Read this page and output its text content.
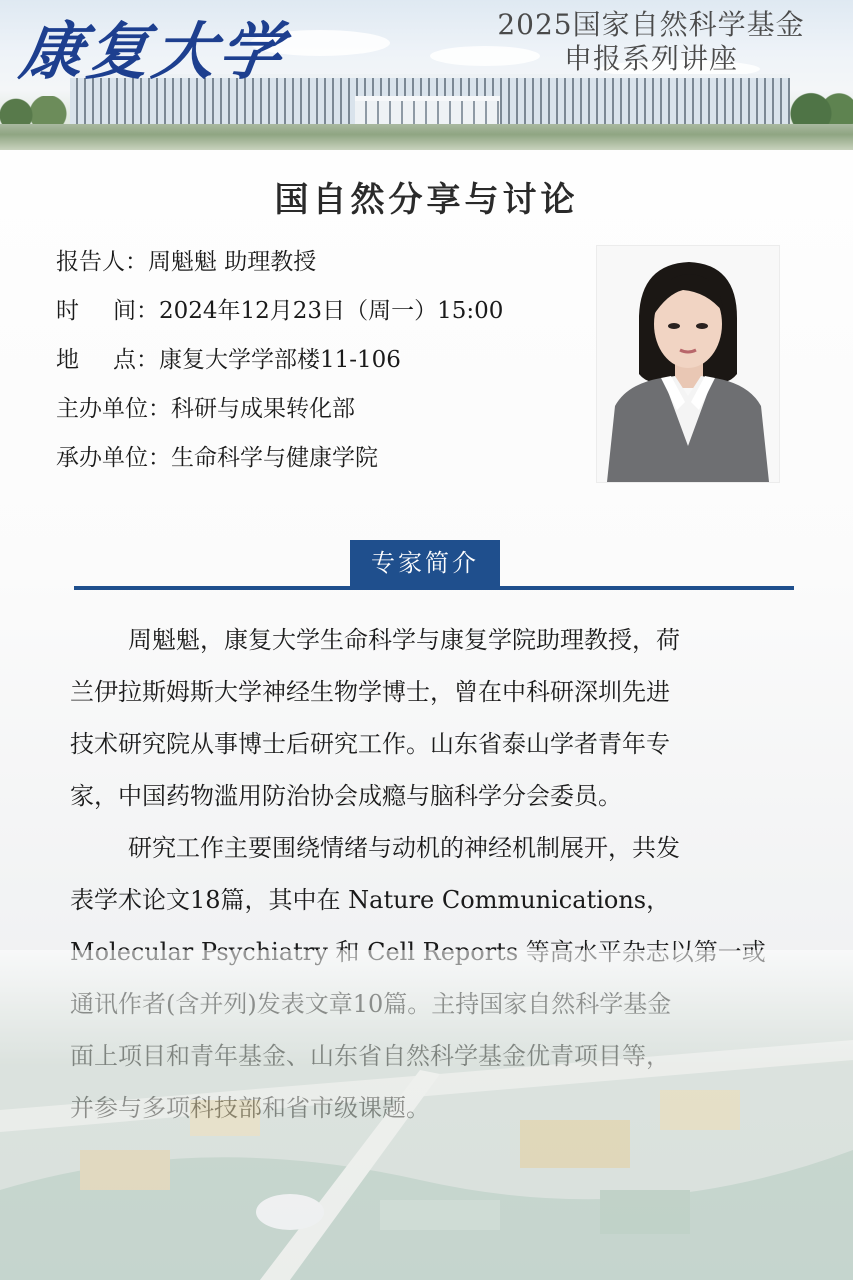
康复大学	2025国家自然科学基金
申报系列讲座
国自然分享与讨论
报告人：周魁魁 助理教授
时 间：2024年12月23日（周一）15:00
地 点：康复大学学部楼11-106
主办单位：科研与成果转化部
承办单位：生命科学与健康学院
专家简介
周魁魁，康复大学生命科学与康复学院助理教授，荷
兰伊拉斯姆斯大学神经生物学博士，曾在中科研深圳先进
技术研究院从事博士后研究工作。山东省泰山学者青年专
家，中国药物滥用防治协会成瘾与脑科学分会委员。
研究工作主要围绕情绪与动机的神经机制展开，共发
表学术论文18篇，其中在 Nature Communications，
